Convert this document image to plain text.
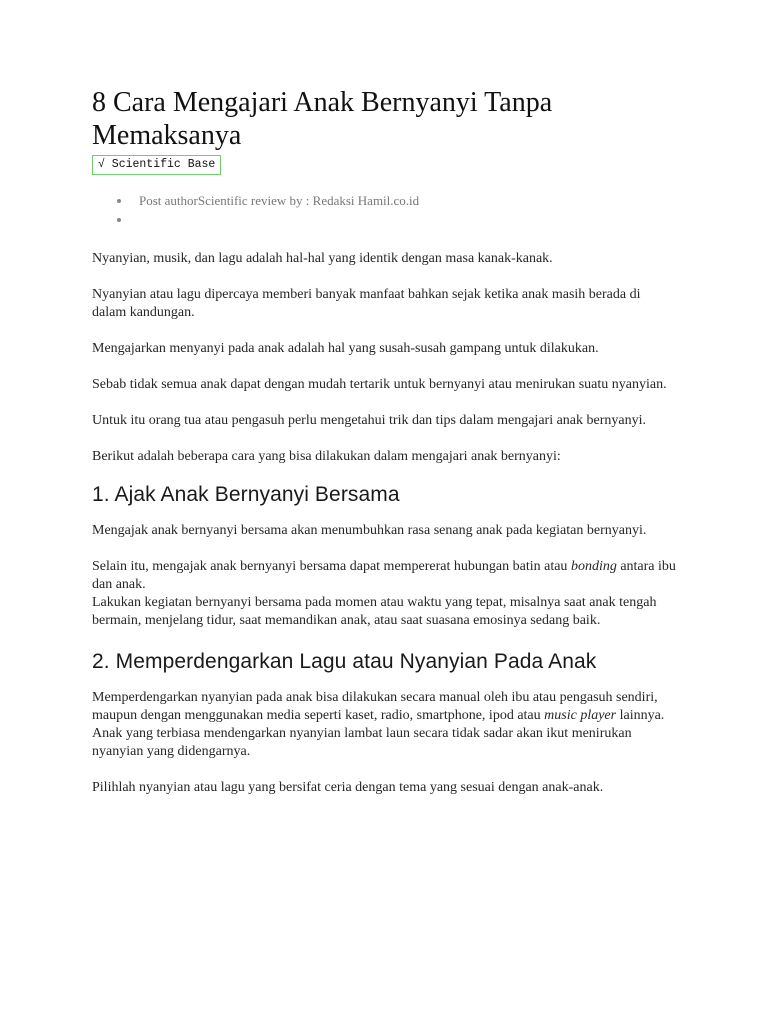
8 Cara Mengajari Anak Bernyanyi Tanpa Memaksanya
√ Scientific Base
Post authorScientific review by : Redaksi Hamil.co.id

Nyanyian, musik, dan lagu adalah hal-hal yang identik dengan masa kanak-kanak.

Nyanyian atau lagu dipercaya memberi banyak manfaat bahkan sejak ketika anak masih berada di dalam kandungan.

Mengajarkan menyanyi pada anak adalah hal yang susah-susah gampang untuk dilakukan.

Sebab tidak semua anak dapat dengan mudah tertarik untuk bernyanyi atau menirukan suatu nyanyian.

Untuk itu orang tua atau pengasuh perlu mengetahui trik dan tips dalam mengajari anak bernyanyi.

Berikut adalah beberapa cara yang bisa dilakukan dalam mengajari anak bernyanyi:

1. Ajak Anak Bernyanyi Bersama

Mengajak anak bernyanyi bersama akan menumbuhkan rasa senang anak pada kegiatan bernyanyi.

Selain itu, mengajak anak bernyanyi bersama dapat mempererat hubungan batin atau bonding antara ibu dan anak.

Lakukan kegiatan bernyanyi bersama pada momen atau waktu yang tepat, misalnya saat anak tengah bermain, menjelang tidur, saat memandikan anak, atau saat suasana emosinya sedang baik.

2. Memperdengarkan Lagu atau Nyanyian Pada Anak

Memperdengarkan nyanyian pada anak bisa dilakukan secara manual oleh ibu atau pengasuh sendiri, maupun dengan menggunakan media seperti kaset, radio, smartphone, ipod atau music player lainnya.

Anak yang terbiasa mendengarkan nyanyian lambat laun secara tidak sadar akan ikut menirukan nyanyian yang didengarnya.

Pilihlah nyanyian atau lagu yang bersifat ceria dengan tema yang sesuai dengan anak-anak.
